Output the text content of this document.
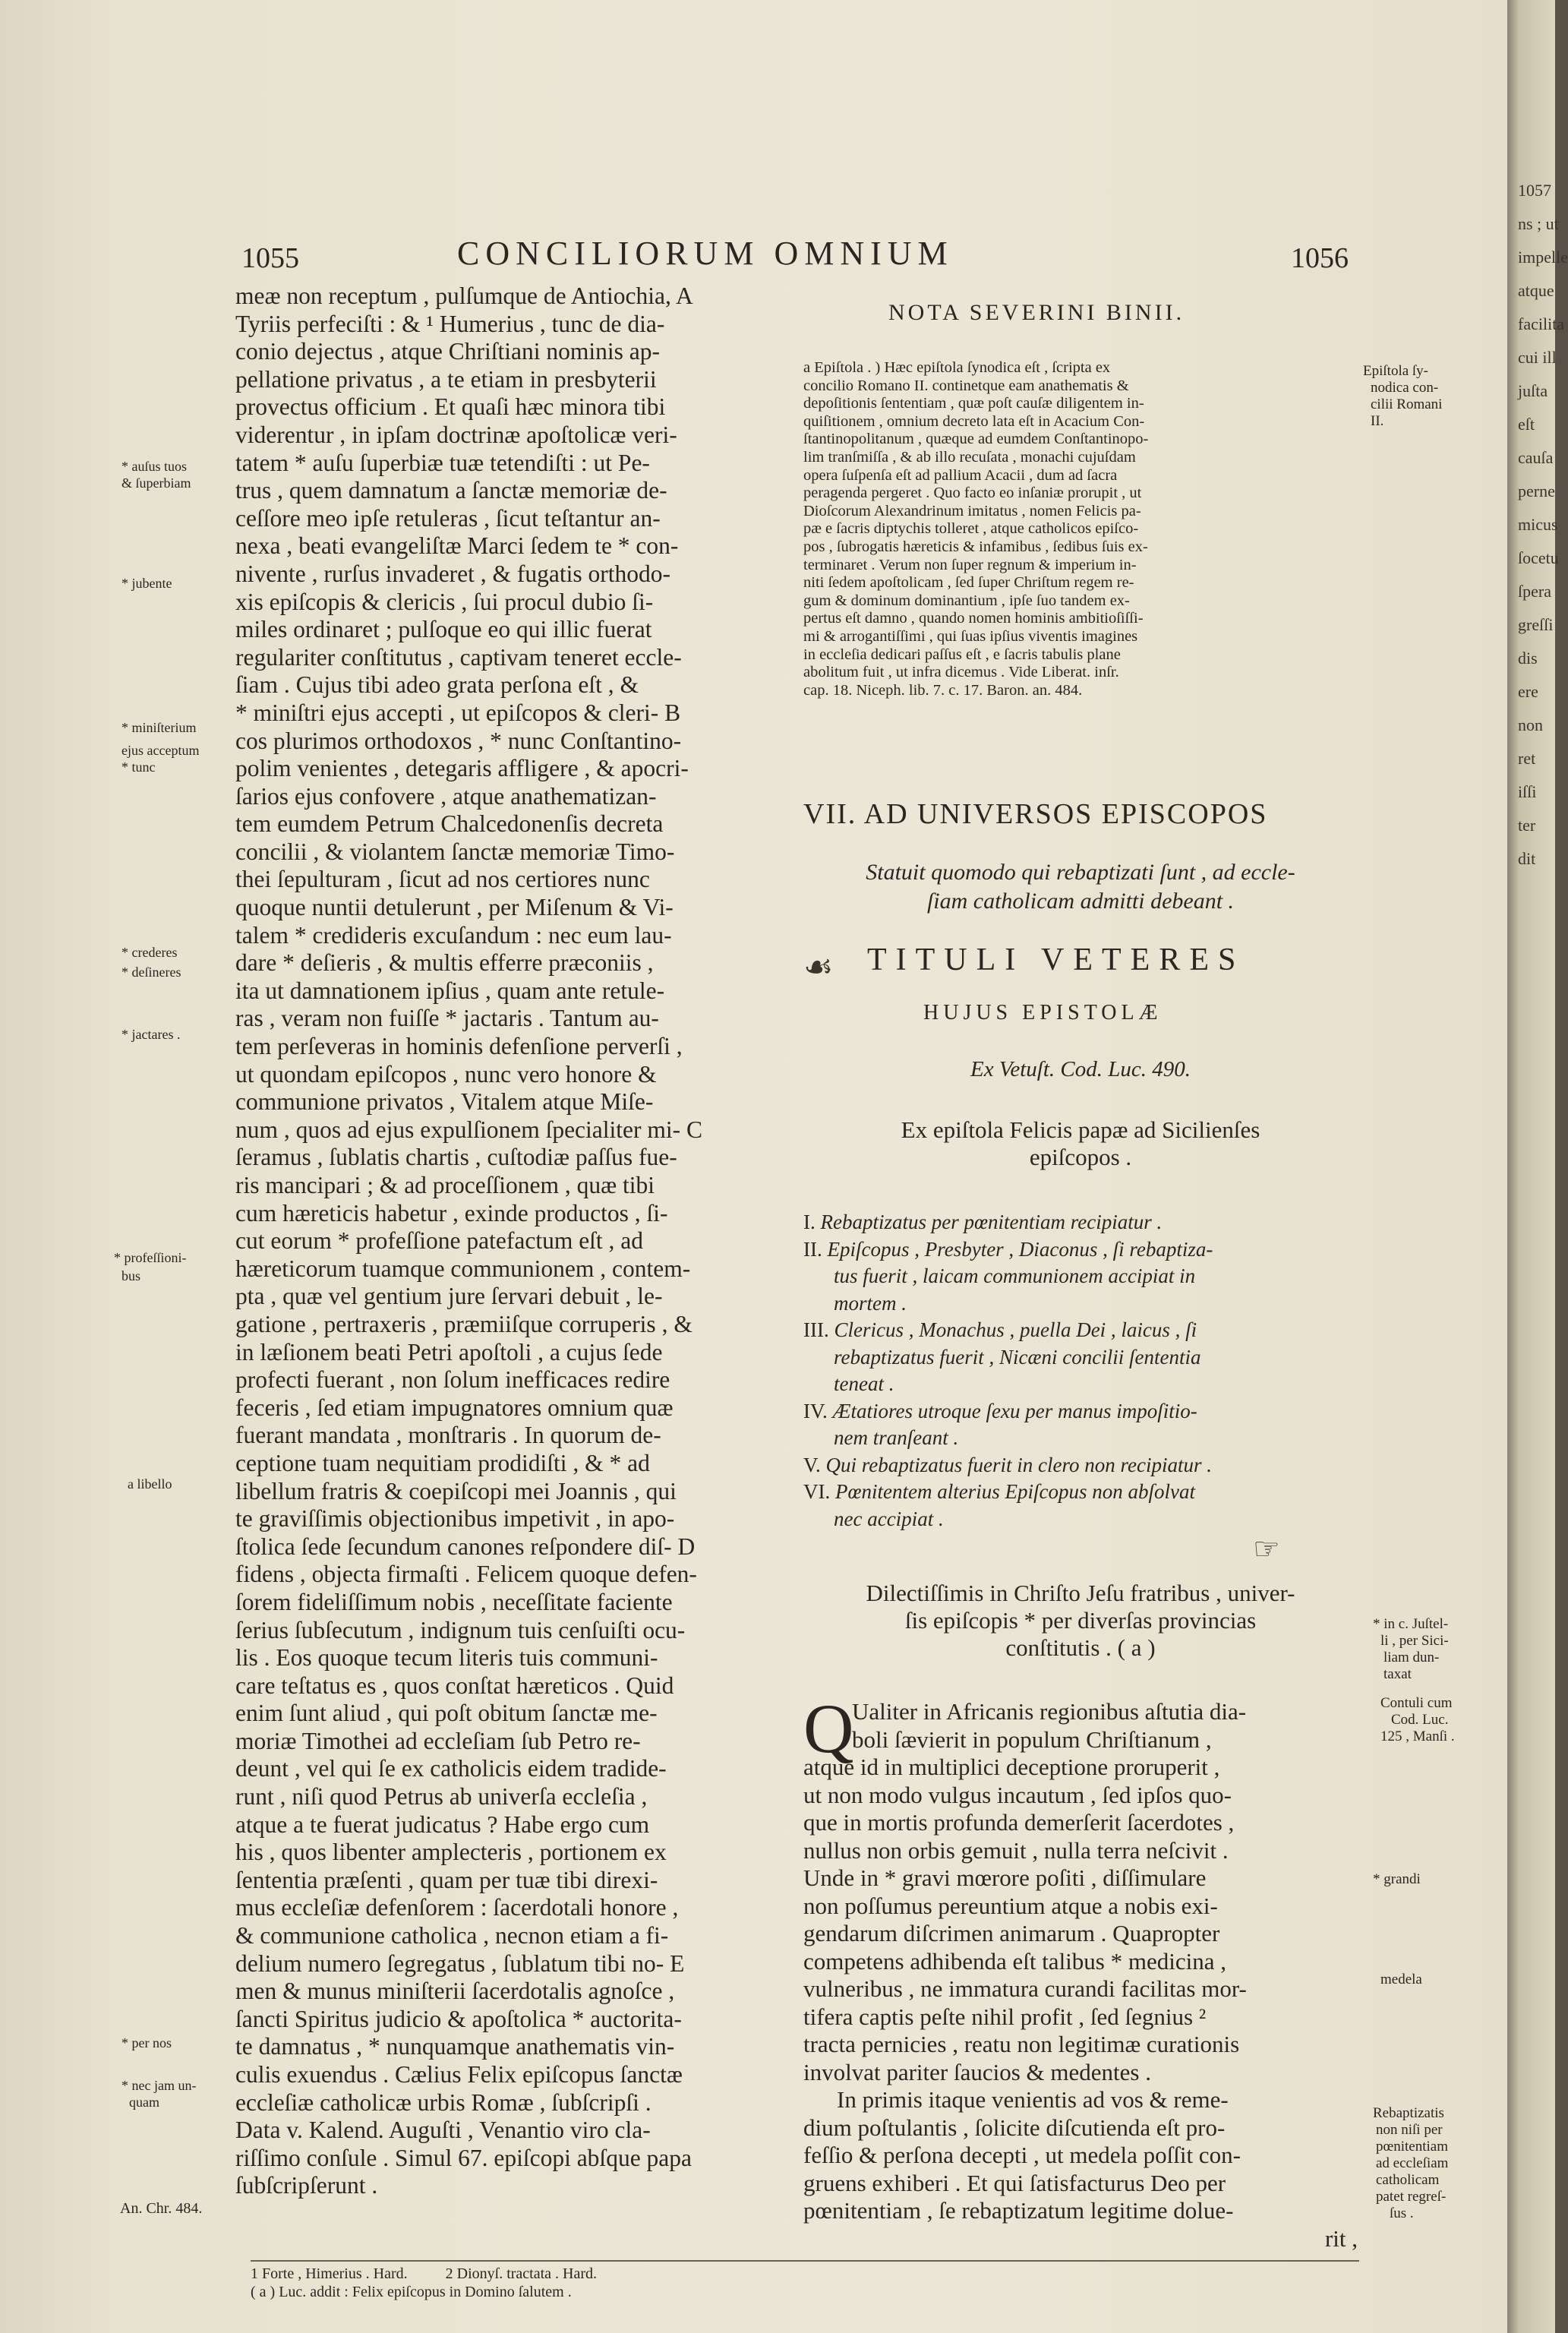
1055	CONCILIORUM OMNIUM	1056
meæ non receptum , pulſumque de Antiochia, A
Tyriis perfeciſti : & ¹ Humerius , tunc de dia-
conio dejectus , atque Chriſtiani nominis ap-
pellatione privatus , a te etiam in presbyterii
provectus officium . Et quaſi hæc minora tibi
viderentur , in ipſam doctrinæ apoſtolicæ veri-
tatem * auſu ſuperbiæ tuæ tetendiſti : ut Pe-
trus , quem damnatum a ſanctæ memoriæ de-
ceſſore meo ipſe retuleras , ſicut teſtantur an-
nexa , beati evangeliſtæ Marci ſedem te * con-
nivente , rurſus invaderet , & fugatis orthodo-
xis epiſcopis & clericis , ſui procul dubio ſi-
miles ordinaret ; pulſoque eo qui illic fuerat
regulariter conſtitutus , captivam teneret eccle-
ſiam . Cujus tibi adeo grata perſona eſt , &
* miniſtri ejus accepti , ut epiſcopos & cleri- B
cos plurimos orthodoxos , * nunc Conſtantino-
polim venientes , detegaris affligere , & apocri-
ſarios ejus confovere , atque anathematizan-
tem eumdem Petrum Chalcedonenſis decreta
concilii , & violantem ſanctæ memoriæ Timo-
thei ſepulturam , ſicut ad nos certiores nunc
quoque nuntii detulerunt , per Miſenum & Vi-
talem * credideris excuſandum : nec eum lau-
dare * deſieris , & multis efferre præconiis ,
ita ut damnationem ipſius , quam ante retule-
ras , veram non fuiſſe * jactaris . Tantum au-
tem perſeveras in hominis defenſione perverſi ,
ut quondam epiſcopos , nunc vero honore &
communione privatos , Vitalem atque Miſe-
num , quos ad ejus expulſionem ſpecialiter mi- C
ſeramus , ſublatis chartis , cuſtodiæ paſſus fue-
ris mancipari ; & ad proceſſionem , quæ tibi
cum hæreticis habetur , exinde productos , ſi-
cut eorum * profeſſione patefactum eſt , ad
hæreticorum tuamque communionem , contem-
pta , quæ vel gentium jure ſervari debuit , le-
gatione , pertraxeris , præmiiſque corruperis , &
in læſionem beati Petri apoſtoli , a cujus ſede
profecti fuerant , non ſolum inefficaces redire
feceris , ſed etiam impugnatores omnium quæ
fuerant mandata , monſtraris . In quorum de-
ceptione tuam nequitiam prodidiſti , & * ad
libellum fratris & coepiſcopi mei Joannis , qui
te graviſſimis objectionibus impetivit , in apo-
ſtolica ſede ſecundum canones reſpondere diſ- D
fidens , objecta firmaſti . Felicem quoque defen-
ſorem fideliſſimum nobis , neceſſitate faciente
ſerius ſubſecutum , indignum tuis cenſuiſti ocu-
lis . Eos quoque tecum literis tuis communi-
care teſtatus es , quos conſtat hæreticos . Quid
enim ſunt aliud , qui poſt obitum ſanctæ me-
moriæ Timothei ad eccleſiam ſub Petro re-
deunt , vel qui ſe ex catholicis eidem tradide-
runt , niſi quod Petrus ab univerſa eccleſia ,
atque a te fuerat judicatus ? Habe ergo cum
his , quos libenter amplecteris , portionem ex
ſententia præſenti , quam per tuæ tibi direxi-
mus eccleſiæ defenſorem : ſacerdotali honore ,
& communione catholica , necnon etiam a fi-
delium numero ſegregatus , ſublatum tibi no- E
men & munus miniſterii ſacerdotalis agnoſce ,
ſancti Spiritus judicio & apoſtolica * auctorita-
te damnatus , * nunquamque anathematis vin-
culis exuendus . Cælius Felix epiſcopus ſanctæ
eccleſiæ catholicæ urbis Romæ , ſubſcripſi .
Data v. Kalend. Auguſti , Venantio viro cla-
riſſimo conſule . Simul 67. epiſcopi abſque papa
ſubſcripſerunt .
* auſus tuos
& ſuperbiam
* jubente
* miniſterium
ejus acceptum
* tunc
* crederes
* deſineres
* jactares .
* profeſſioni-
bus
a libello
* per nos
* nec jam un-
quam
An. Chr. 484.
NOTA SEVERINI BINII.
a Epiſtola . ) Hæc epiſtola ſynodica eſt , ſcripta ex
concilio Romano II. continetque eam anathematis &
depoſitionis ſententiam , quæ poſt cauſæ diligentem in-
quiſitionem , omnium decreto lata eſt in Acacium Con-
ſtantinopolitanum , quæque ad eumdem Conſtantinopo-
lim tranſmiſſa , & ab illo recuſata , monachi cujuſdam
opera ſuſpenſa eſt ad pallium Acacii , dum ad ſacra
peragenda pergeret . Quo facto eo inſaniæ prorupit , ut
Dioſcorum Alexandrinum imitatus , nomen Felicis pa-
pæ e ſacris diptychis tolleret , atque catholicos epiſco-
pos , ſubrogatis hæreticis & infamibus , ſedibus ſuis ex-
terminaret . Verum non ſuper regnum & imperium in-
niti ſedem apoſtolicam , ſed ſuper Chriſtum regem re-
gum & dominum dominantium , ipſe ſuo tandem ex-
pertus eſt damno , quando nomen hominis ambitioſiſſi-
mi & arrogantiſſimi , qui ſuas ipſius viventis imagines
in eccleſia dedicari paſſus eſt , e ſacris tabulis plane
abolitum fuit , ut infra dicemus . Vide Liberat. inſr.
cap. 18. Niceph. lib. 7. c. 17. Baron. an. 484.
Epiſtola ſy-
nodica con-
cilii Romani
II.
VII. AD UNIVERSOS EPISCOPOS
Statuit quomodo qui rebaptizati ſunt , ad eccle-
ſiam catholicam admitti debeant .
☙ TITULI VETERES
HUJUS EPISTOLÆ
Ex Vetuſt. Cod. Luc. 490.
Ex epiſtola Felicis papæ ad Sicilienſes
epiſcopos .
I. Rebaptizatus per pœnitentiam recipiatur .
II. Epiſcopus , Presbyter , Diaconus , ſi rebaptiza-
tus fuerit , laicam communionem accipiat in
mortem .
III. Clericus , Monachus , puella Dei , laicus , ſi
rebaptizatus fuerit , Nicæni concilii ſententia
teneat .
IV. Ætatiores utroque ſexu per manus impoſitio-
nem tranſeant .
V. Qui rebaptizatus fuerit in clero non recipiatur .
VI. Pœnitentem alterius Epiſcopus non abſolvat
nec accipiat .
☞
Dilectiſſimis in Chriſto Jeſu fratribus , univer-
ſis epiſcopis * per diverſas provincias
conſtitutis . ( a )
Q
Ualiter in Africanis regionibus aſtutia dia-
boli ſævierit in populum Chriſtianum ,
atque id in multiplici deceptione proruperit ,
ut non modo vulgus incautum , ſed ipſos quo-
que in mortis profunda demerſerit ſacerdotes ,
nullus non orbis gemuit , nulla terra neſcivit .
Unde in * gravi mœrore poſiti , diſſimulare
non poſſumus pereuntium atque a nobis exi-
gendarum diſcrimen animarum . Quapropter
competens adhibenda eſt talibus * medicina ,
vulneribus , ne immatura curandi facilitas mor-
tifera captis peſte nihil profit , ſed ſegnius ²
tracta pernicies , reatu non legitimæ curationis
involvat pariter ſaucios & medentes .
In primis itaque venientis ad vos & reme-
dium poſtulantis , ſolicite diſcutienda eſt pro-
feſſio & perſona decepti , ut medela poſſit con-
gruens exhiberi . Et qui ſatisfacturus Deo per
pœnitentiam , ſe rebaptizatum legitime dolue-
rit ,
* in c. Juſtel-
li , per Sici-
liam dun-
taxat
Contuli cum
Cod. Luc.
125 , Manſi .
* grandi
medela
Rebaptizatis
non niſi per
pœnitentiam
ad eccleſiam
catholicam
patet regreſ-
ſus .
1 Forte , Himerius . Hard.          2 Dionyſ. tractata . Hard.
( a ) Luc. addit : Felix epiſcopus in Domino ſalutem .
1057
ns ; ut
impelle
atque
facilita
cui ill
juſta
eſt
cauſa
perne
micus
ſocetu
ſpera
greſſi
dis
ere
non
ret
iſſi
ter
dit
